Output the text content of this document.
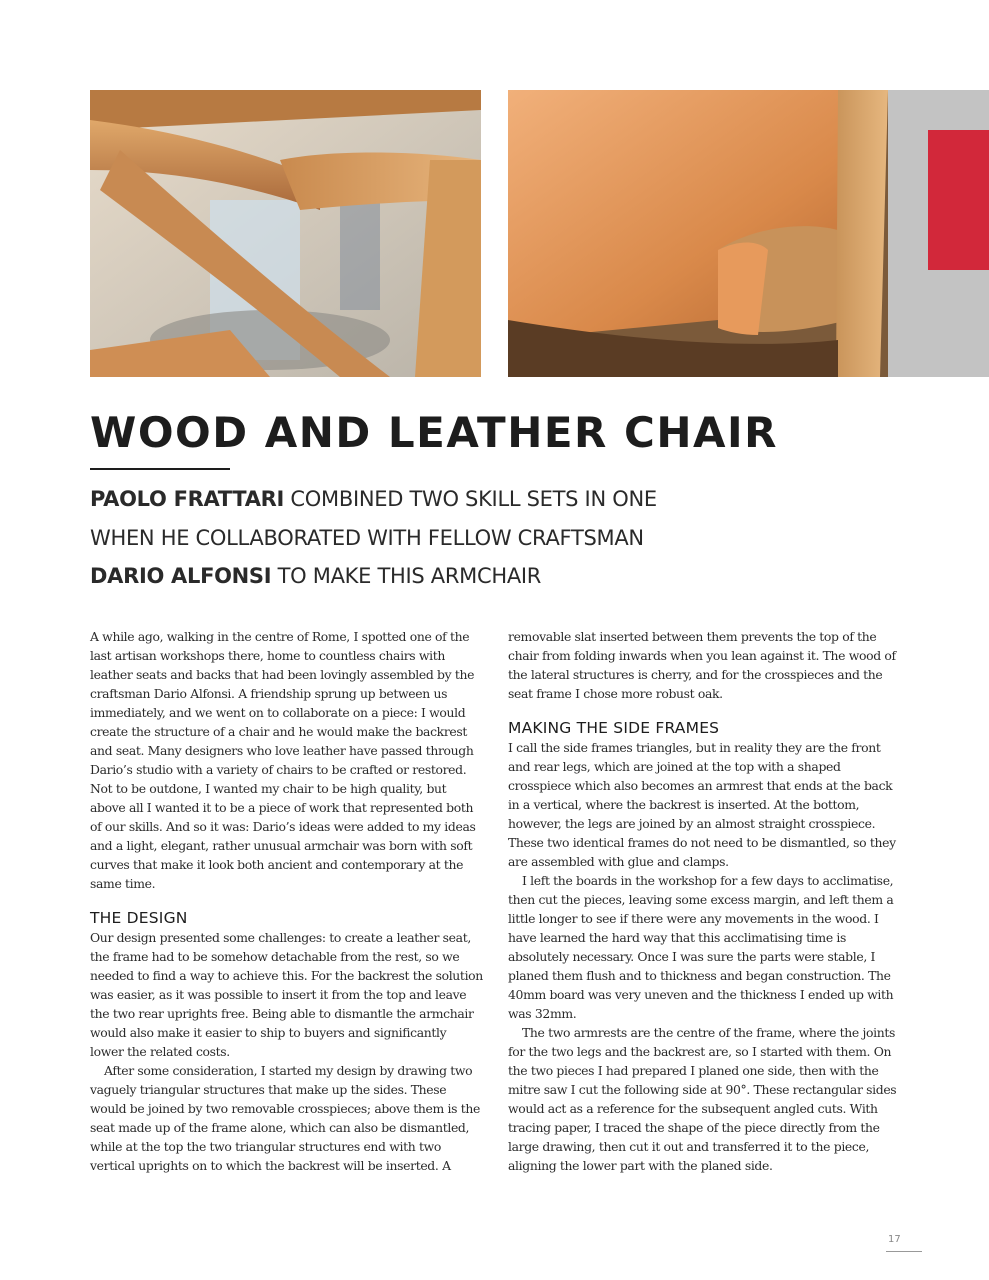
WOOD AND LEATHER CHAIR
PAOLO FRATTARI COMBINED TWO SKILL SETS IN ONE
WHEN HE COLLABORATED WITH FELLOW CRAFTSMAN
DARIO ALFONSI TO MAKE THIS ARMCHAIR

A while ago, walking in the centre of Rome, I spotted one of the last artisan workshops there, home to countless chairs with leather seats and backs that had been lovingly assembled by the craftsman Dario Alfonsi. A friendship sprung up between us immediately, and we went on to collaborate on a piece: I would create the structure of a chair and he would make the backrest and seat. Many designers who love leather have passed through Dario’s studio with a variety of chairs to be crafted or restored. Not to be outdone, I wanted my chair to be high quality, but above all I wanted it to be a piece of work that represented both of our skills. And so it was: Dario’s ideas were added to my ideas and a light, elegant, rather unusual armchair was born with soft curves that make it look both ancient and contemporary at the same time.

THE DESIGN

Our design presented some challenges: to create a leather seat, the frame had to be somehow detachable from the rest, so we needed to find a way to achieve this. For the backrest the solution was easier, as it was possible to insert it from the top and leave the two rear uprights free. Being able to dismantle the armchair would also make it easier to ship to buyers and significantly lower the related costs.

After some consideration, I started my design by drawing two vaguely triangular structures that make up the sides. These would be joined by two removable crosspieces; above them is the seat made up of the frame alone, which can also be dismantled, while at the top the two triangular structures end with two vertical uprights on to which the backrest will be inserted. A

removable slat inserted between them prevents the top of the chair from folding inwards when you lean against it. The wood of the lateral structures is cherry, and for the crosspieces and the seat frame I chose more robust oak.

MAKING THE SIDE FRAMES

I call the side frames triangles, but in reality they are the front and rear legs, which are joined at the top with a shaped crosspiece which also becomes an armrest that ends at the back in a vertical, where the backrest is inserted. At the bottom, however, the legs are joined by an almost straight crosspiece. These two identical frames do not need to be dismantled, so they are assembled with glue and clamps.

I left the boards in the workshop for a few days to acclimatise, then cut the pieces, leaving some excess margin, and left them a little longer to see if there were any movements in the wood. I have learned the hard way that this acclimatising time is absolutely necessary. Once I was sure the parts were stable, I planed them flush and to thickness and began construction. The 40mm board was very uneven and the thickness I ended up with was 32mm.

The two armrests are the centre of the frame, where the joints for the two legs and the backrest are, so I started with them. On the two pieces I had prepared I planed one side, then with the mitre saw I cut the following side at 90°. These rectangular sides would act as a reference for the subsequent angled cuts. With tracing paper, I traced the shape of the piece directly from the large drawing, then cut it out and transferred it to the piece, aligning the lower part with the planed side.

17
